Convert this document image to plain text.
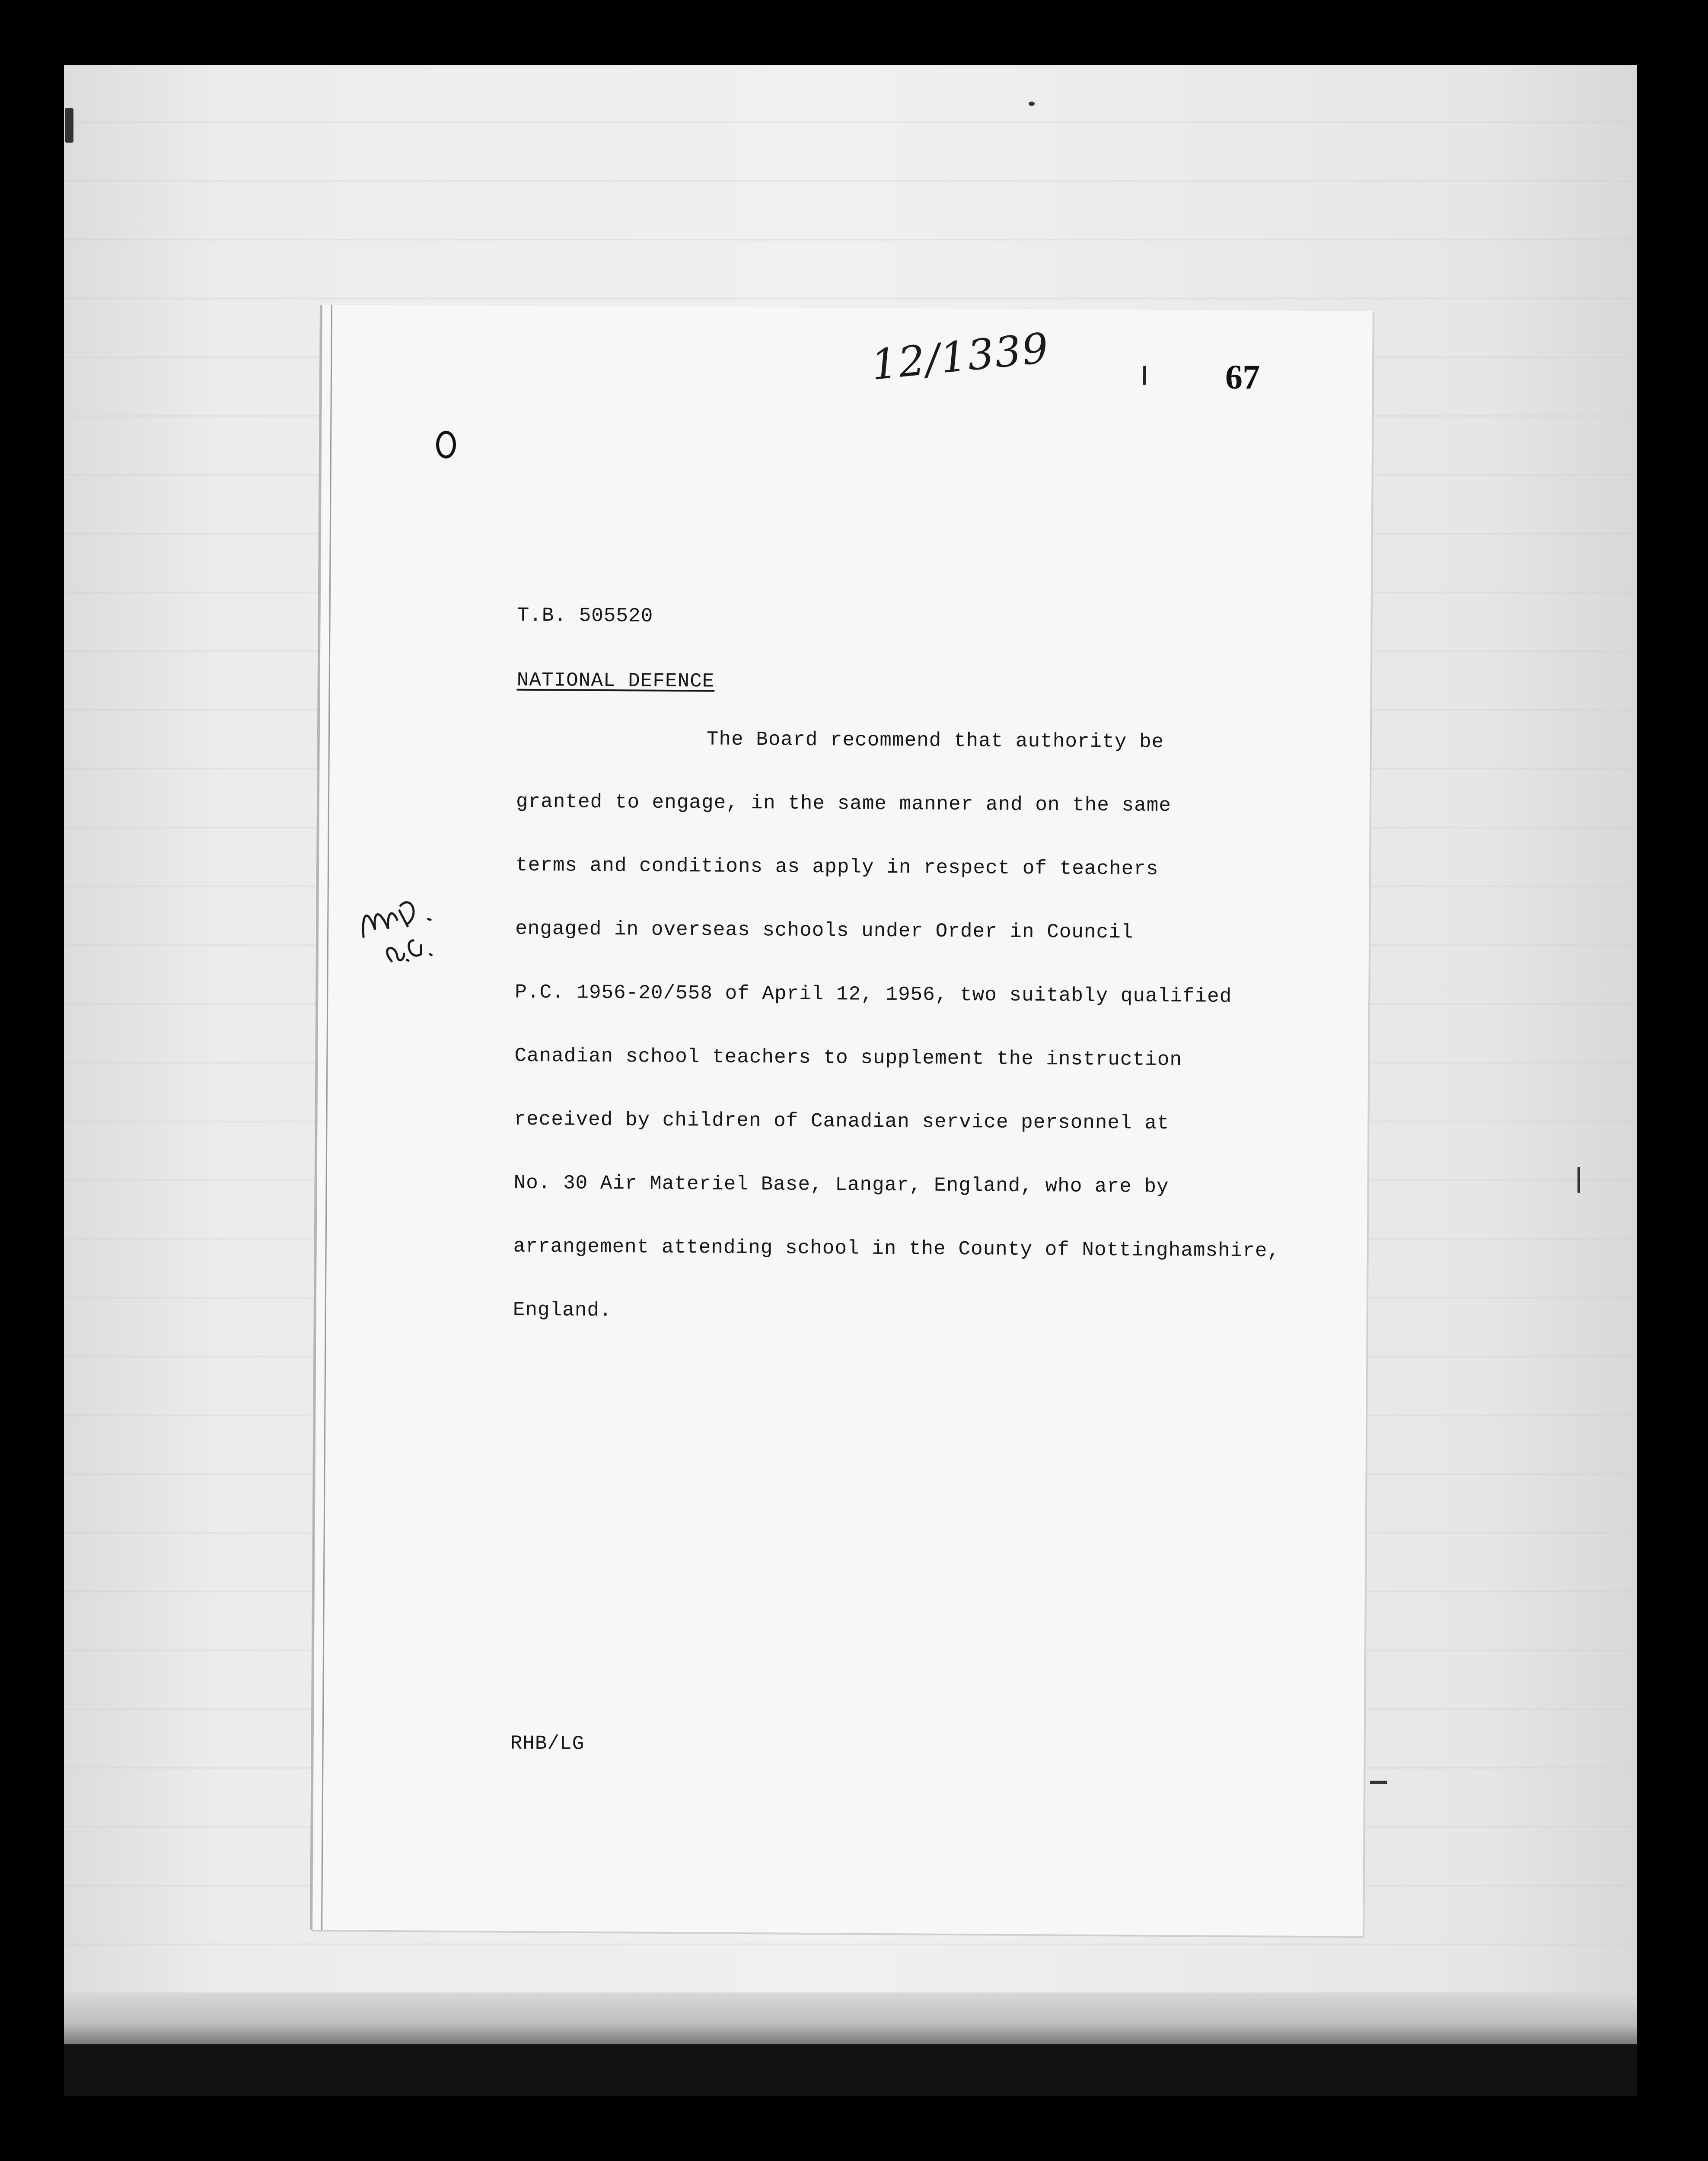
12/1339	67
T.B. 505520
NATIONAL DEFENCE
The Board recommend that authority be
granted to engage, in the same manner and on the same
terms and conditions as apply in respect of teachers
engaged in overseas schools under Order in Council
P.C. 1956-20/558 of April 12, 1956, two suitably qualified
Canadian school teachers to supplement the instruction
received by children of Canadian service personnel at
No. 30 Air Materiel Base, Langar, England, who are by
arrangement attending school in the County of Nottinghamshire,
England.
RHB/LG
